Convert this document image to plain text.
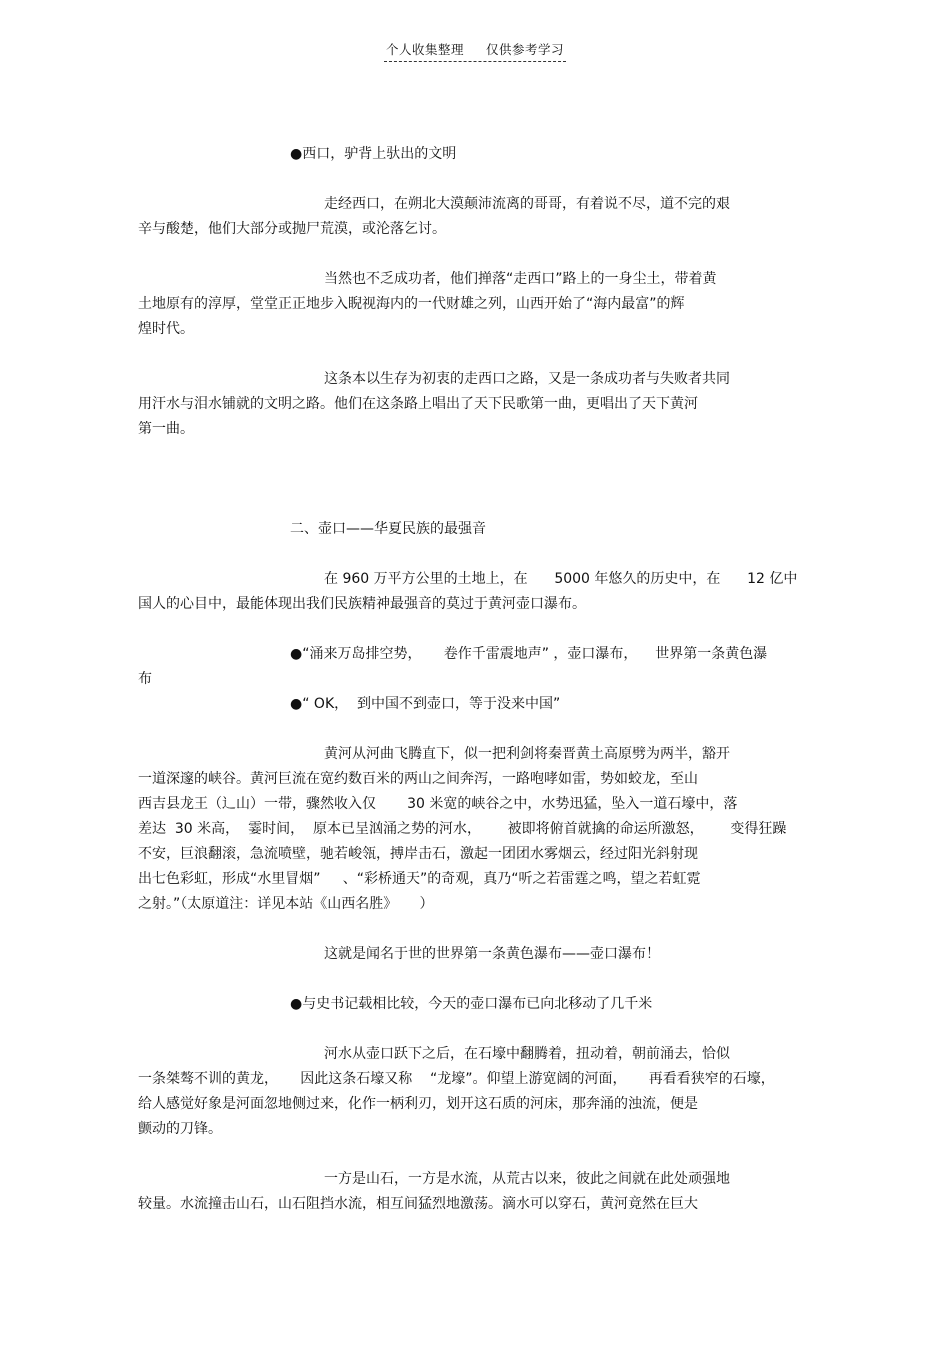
个人收集整理 仅供参考学习
●西口，驴背上驮出的文明
走经西口，在朔北大漠颠沛流离的哥哥，有着说不尽，道不完的艰
辛与酸楚，他们大部分或抛尸荒漠，或沦落乞讨。
当然也不乏成功者，他们掸落“走西口”路上的一身尘土，带着黄
土地原有的淳厚，堂堂正正地步入睨视海内的一代财雄之列，山西开始了“海内最富”的辉
煌时代。
这条本以生存为初衷的走西口之路，又是一条成功者与失败者共同
用汗水与泪水铺就的文明之路。他们在这条路上唱出了天下民歌第一曲，更唱出了天下黄河
第一曲。
二、壶口——华夏民族的最强音
在 960 万平方公里的土地上，在      5000 年悠久的历史中，在      12 亿中
国人的心目中，最能体现出我们民族精神最强音的莫过于黄河壶口瀑布。
●“涌来万岛排空势，     卷作千雷震地声” ，壶口瀑布，    世界第一条黄色瀑
布
●“ OK，  到中国不到壶口，等于没来中国”
黄河从河曲飞腾直下，似一把利剑将秦晋黄土高原劈为两半，豁开
一道深邃的峡谷。黄河巨流在宽约数百米的两山之间奔泻，一路咆哮如雷，势如蛟龙，至山
西吉县龙王（辶山）一带，骤然收入仅       30 米宽的峡谷之中，水势迅猛，坠入一道石壕中，落
差达  30 米高，  霎时间，  原本已呈汹涌之势的河水，      被即将俯首就擒的命运所激怒，      变得狂躁
不安，巨浪翻滚，急流喷壁，驰若峻瓴，搏岸击石，激起一团团水雾烟云，经过阳光斜射现
出七色彩虹，形成“水里冒烟”     、“彩桥通天”的奇观，真乃“听之若雷霆之鸣，望之若虹霓
之射。”（太原道注：详见本站《山西名胜》     ）
这就是闻名于世的世界第一条黄色瀑布——壶口瀑布！
●与史书记载相比较，今天的壶口瀑布已向北移动了几千米
河水从壶口跃下之后，在石壕中翻腾着，扭动着，朝前涌去，恰似
一条桀骜不训的黄龙，     因此这条石壕又称    “龙壕”。仰望上游宽阔的河面，     再看看狭窄的石壕，
给人感觉好象是河面忽地侧过来，化作一柄利刃，划开这石质的河床，那奔涌的浊流，便是
颤动的刀锋。
一方是山石，一方是水流，从荒古以来，彼此之间就在此处顽强地
较量。水流撞击山石，山石阻挡水流，相互间猛烈地激荡。滴水可以穿石，黄河竟然在巨大
